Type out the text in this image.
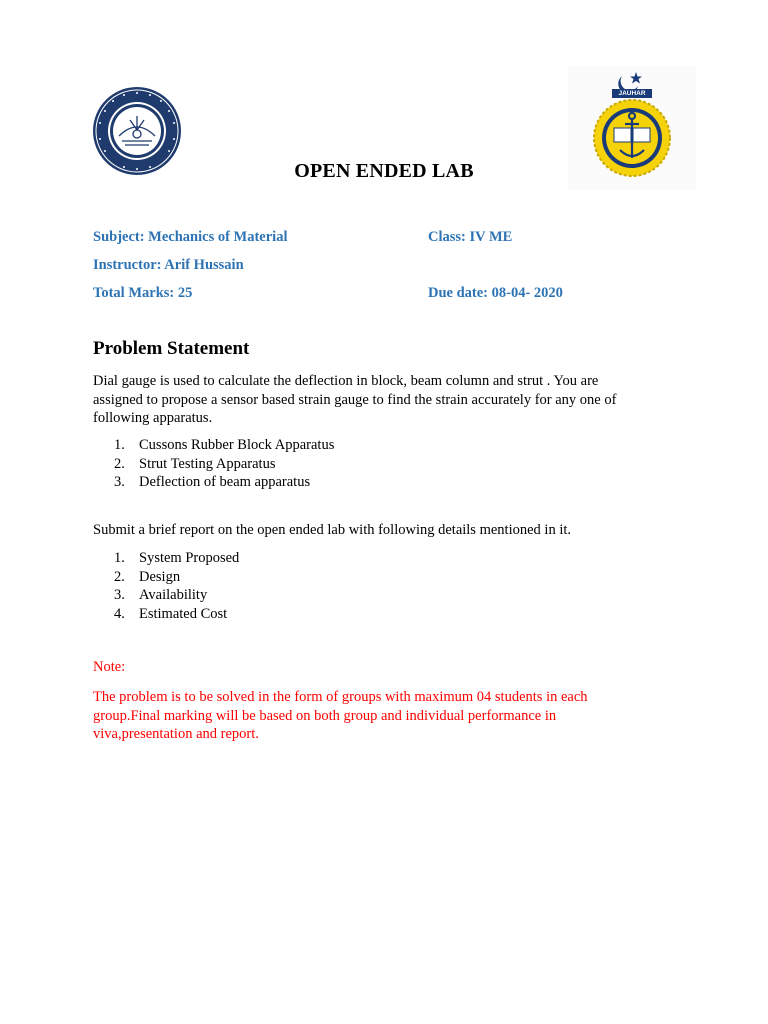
JAUHAR
OPEN ENDED LAB
Subject: Mechanics of Material	Class: IV ME
Instructor: Arif Hussain
Total Marks: 25	Due date: 08-04- 2020
Problem Statement
Dial gauge is used to calculate the deflection in block, beam column and strut . You are
assigned to propose a sensor based strain gauge to find the strain accurately for any one of
following apparatus.
1. Cussons Rubber Block Apparatus
2. Strut Testing Apparatus
3. Deflection of beam apparatus
Submit a brief report on the open ended lab with following details mentioned in it.
1. System Proposed
2. Design
3. Availability
4. Estimated Cost
Note:
The problem is to be solved in the form of groups with maximum 04 students in each
group.Final marking will be based on both group and individual performance in
viva,presentation and report.
